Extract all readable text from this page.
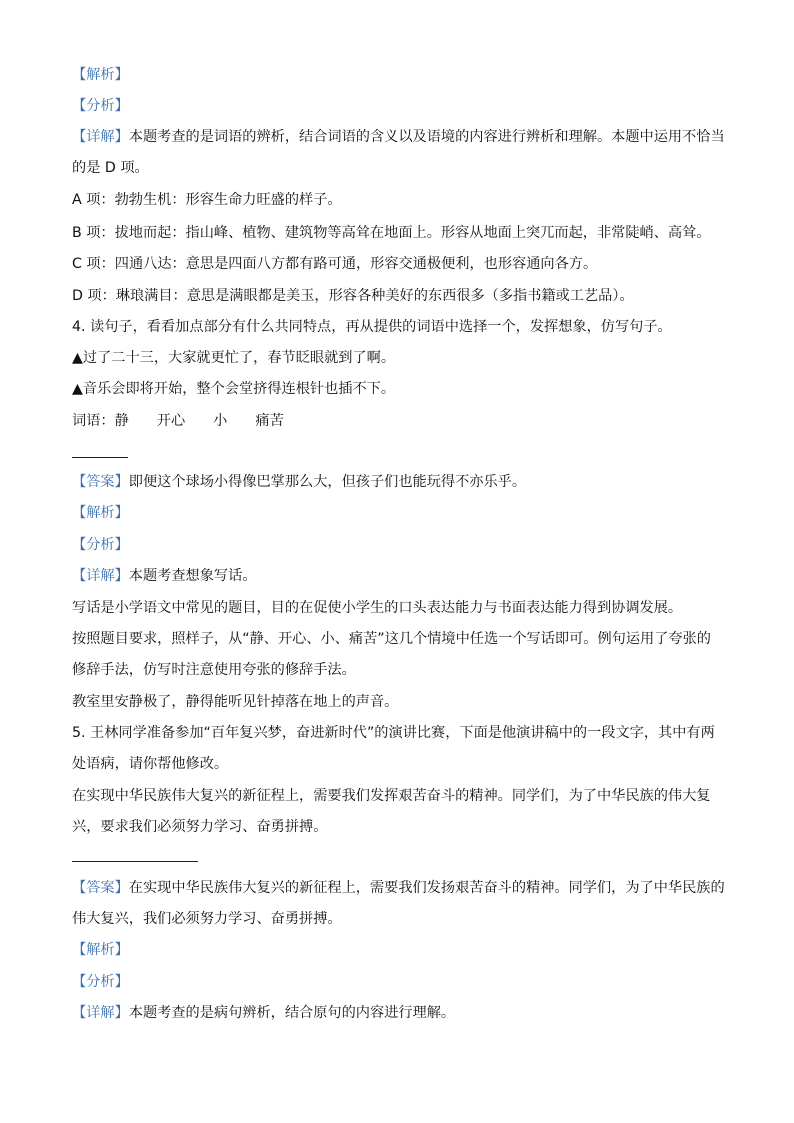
【解析】
【分析】
【详解】本题考查的是词语的辨析，结合词语的含义以及语境的内容进行辨析和理解。本题中运用不恰当
的是 D 项。
A 项：勃勃生机：形容生命力旺盛的样子。
B 项：拔地而起：指山峰、植物、建筑物等高耸在地面上。形容从地面上突兀而起，非常陡峭、高耸。
C 项：四通八达：意思是四面八方都有路可通，形容交通极便利，也形容通向各方。
D 项：琳琅满目：意思是满眼都是美玉，形容各种美好的东西很多（多指书籍或工艺品）。
4. 读句子，看看加点部分有什么共同特点，再从提供的词语中选择一个，发挥想象，仿写句子。
▲过了二十三，大家就更忙了，春节眨眼就到了啊。
▲音乐会即将开始，整个会堂挤得连根针也插不下。
词语：静 开心 小 痛苦
【答案】即便这个球场小得像巴掌那么大，但孩子们也能玩得不亦乐乎。
【解析】
【分析】
【详解】本题考查想象写话。
写话是小学语文中常见的题目，目的在促使小学生的口头表达能力与书面表达能力得到协调发展。
按照题目要求，照样子，从“静、开心、小、痛苦”这几个情境中任选一个写话即可。例句运用了夸张的
修辞手法，仿写时注意使用夸张的修辞手法。
教室里安静极了，静得能听见针掉落在地上的声音。
5. 王林同学准备参加“百年复兴梦，奋进新时代”的演讲比赛，下面是他演讲稿中的一段文字，其中有两
处语病，请你帮他修改。
在实现中华民族伟大复兴的新征程上，需要我们发挥艰苦奋斗的精神。同学们，为了中华民族的伟大复
兴，要求我们必须努力学习、奋勇拼搏。
【答案】在实现中华民族伟大复兴的新征程上，需要我们发扬艰苦奋斗的精神。同学们，为了中华民族的
伟大复兴，我们必须努力学习、奋勇拼搏。
【解析】
【分析】
【详解】本题考查的是病句辨析，结合原句的内容进行理解。
